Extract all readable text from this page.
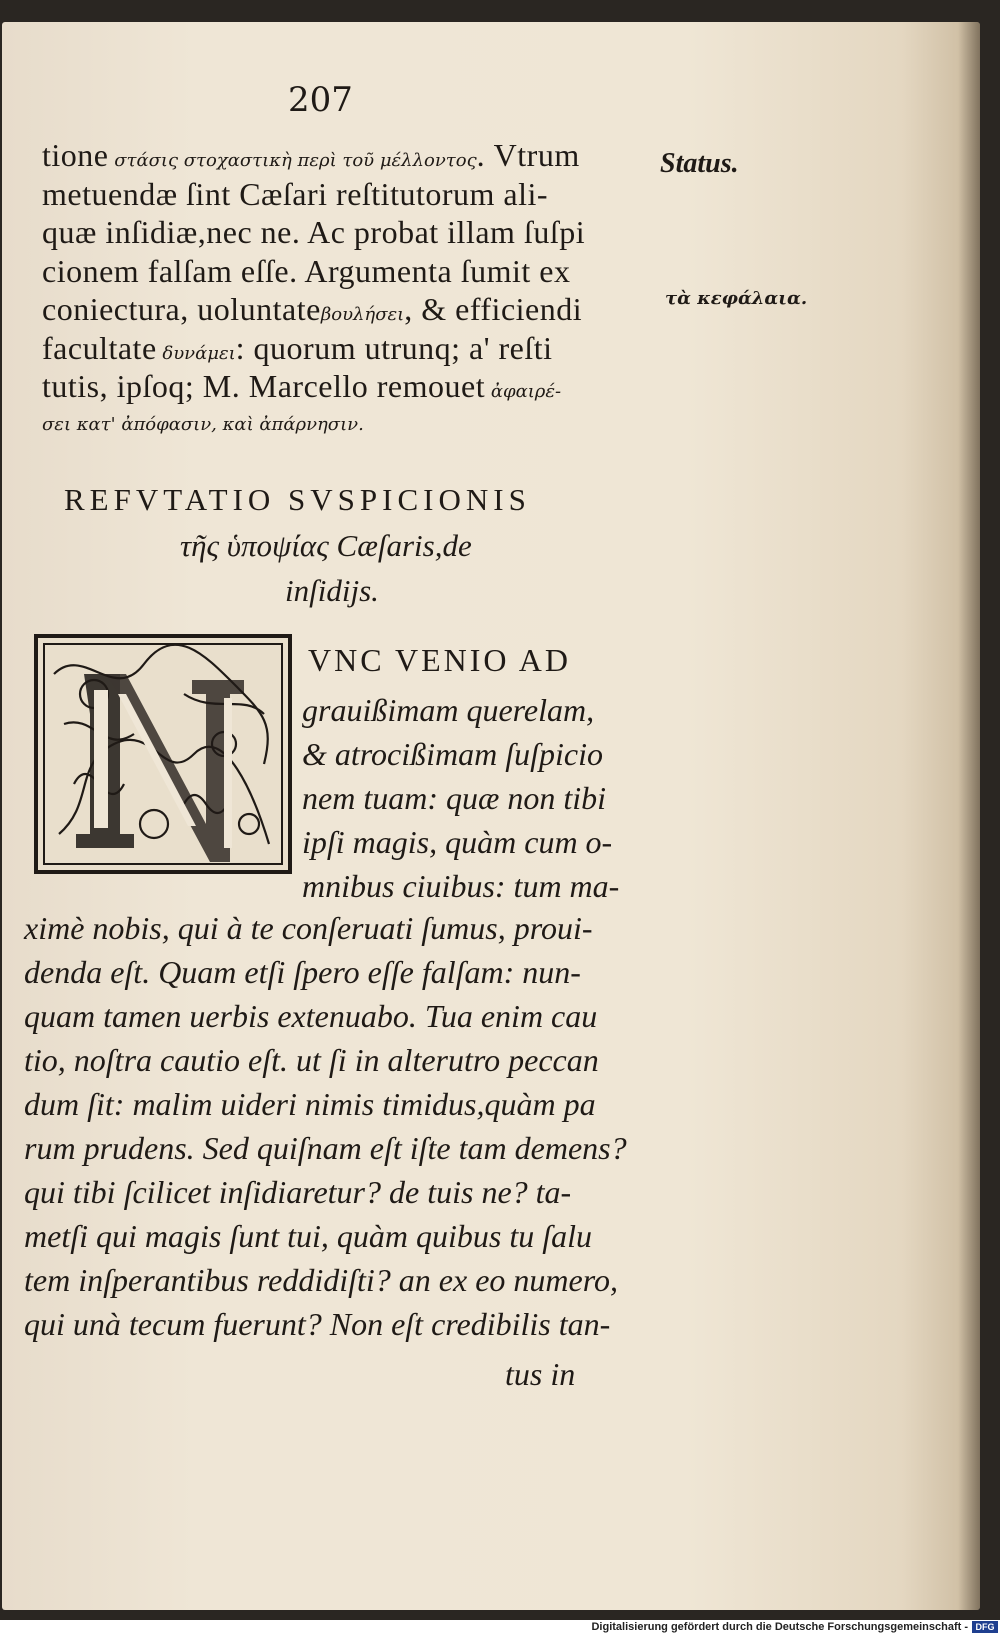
207
tione στάσις στοχαστικὴ περὶ τοῦ μέλλοντος. Vtrum
metuendæ ſint Cæſari reſtitutorum ali-
quæ inſidiæ,nec ne. Ac probat illam ſuſpi
cionem falſam eſſe. Argumenta ſumit ex
coniectura, uoluntateβουλήσει, & efficiendi
facultate δυνάμει: quorum utrunq; a' reſti
tutis, ipſoq; M. Marcello remouet ἀφαιρέ-
σει κατ' ἀπόφασιν, καὶ ἀπάρνησιν.
Status.
τὰ κεφάλαια.
REFVTATIO SVSPICIONIS
τῆς ὑποψίας Cæſaris,de
inſidijs.
VNC VENIO AD
grauißimam querelam,
& atrocißimam ſuſpicio
nem tuam: quæ non tibi
ipſi magis, quàm cum o-
mnibus ciuibus: tum ma-
ximè nobis, qui à te conſeruati ſumus, proui-
denda eſt. Quam etſi ſpero eſſe falſam: nun-
quam tamen uerbis extenuabo. Tua enim cau
tio, noſtra cautio eſt. ut ſi in alterutro peccan
dum ſit: malim uideri nimis timidus,quàm pa
rum prudens. Sed quiſnam eſt iſte tam demens?
qui tibi ſcilicet inſidiaretur? de tuis ne? ta-
metſi qui magis ſunt tui, quàm quibus tu ſalu
tem inſperantibus reddidiſti? an ex eo numero,
qui unà tecum fuerunt? Non eſt credibilis tan-
tus in
Digitalisierung gefördert durch die Deutsche Forschungsgemeinschaft - DFG
